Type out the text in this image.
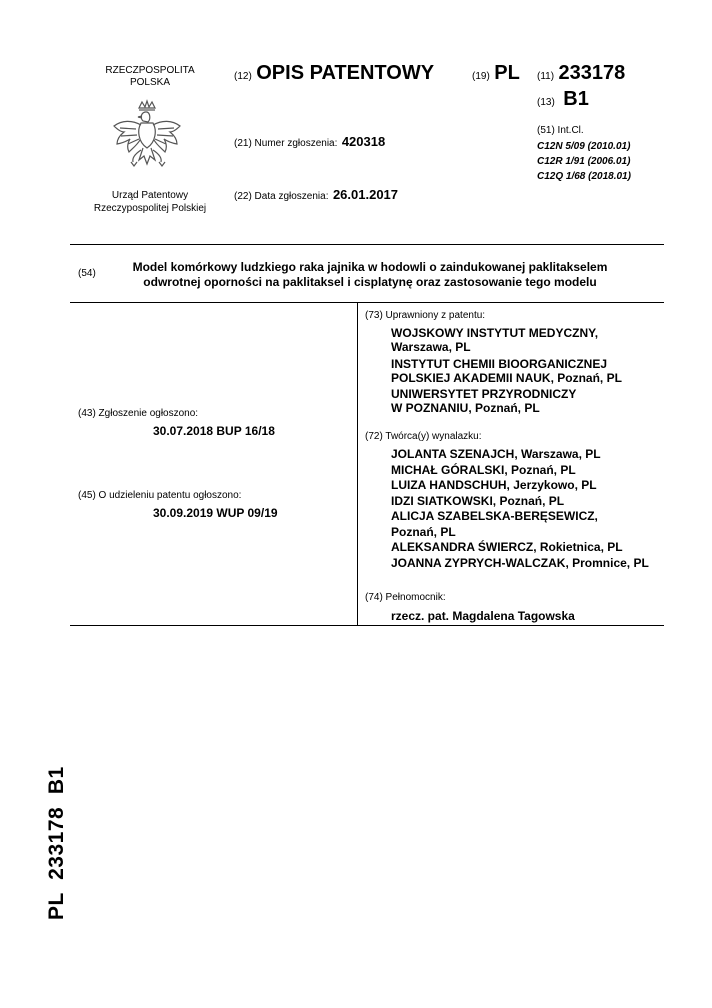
RZECZPOSPOLITA
POLSKA
Urząd Patentowy
Rzeczypospolitej Polskiej
(12) OPIS PATENTOWY	(19) PL (11) 233178
(13) B1
(21) Numer zgłoszenia: 420318
(22) Data zgłoszenia: 26.01.2017
(51) Int.Cl.
C12N 5/09 (2010.01)
C12R 1/91 (2006.01)
C12Q 1/68 (2018.01)
(54)	Model komórkowy ludzkiego raka jajnika w hodowli o zaindukowanej paklitakselem
odwrotnej oporności na paklitaksel i cisplatynę oraz zastosowanie tego modelu
(43) Zgłoszenie ogłoszono:
30.07.2018 BUP 16/18
(45) O udzieleniu patentu ogłoszono:
30.09.2019 WUP 09/19
(73) Uprawniony z patentu:
WOJSKOWY INSTYTUT MEDYCZNY,
Warszawa, PL
INSTYTUT CHEMII BIOORGANICZNEJ
POLSKIEJ AKADEMII NAUK, Poznań, PL
UNIWERSYTET PRZYRODNICZY
W POZNANIU, Poznań, PL
(72) Twórca(y) wynalazku:
JOLANTA SZENAJCH, Warszawa, PL
MICHAŁ GÓRALSKI, Poznań, PL
LUIZA HANDSCHUH, Jerzykowo, PL
IDZI SIATKOWSKI, Poznań, PL
ALICJA SZABELSKA-BERĘSEWICZ,
Poznań, PL
ALEKSANDRA ŚWIERCZ, Rokietnica, PL
JOANNA ZYPRYCH-WALCZAK, Promnice, PL
(74) Pełnomocnik:
rzecz. pat. Magdalena Tagowska
PL  233178  B1
